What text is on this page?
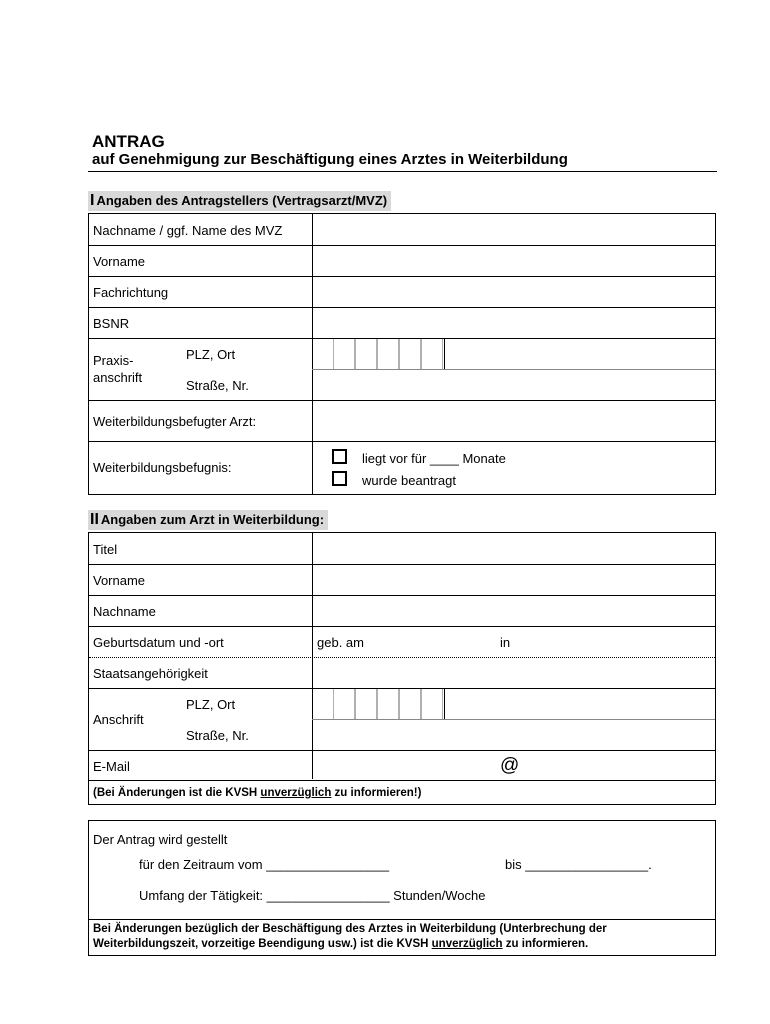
ANTRAG
auf Genehmigung zur Beschäftigung eines Arztes in Weiterbildung
I Angaben des Antragstellers (Vertragsarzt/MVZ)
Nachname / ggf. Name des MVZ
Vorname
Fachrichtung
BSNR
Praxis-
anschrift
PLZ, Ort
Straße, Nr.
Weiterbildungsbefugter Arzt:
Weiterbildungsbefugnis:
liegt vor für ____ Monate
wurde beantragt
II Angaben zum Arzt in Weiterbildung:
Titel
Vorname
Nachname
Geburtsdatum und -ort	geb. am	in
Staatsangehörigkeit
Anschrift
PLZ, Ort
Straße, Nr.
E-Mail	@
(Bei Änderungen ist die KVSH unverzüglich zu informieren!)
Der Antrag wird gestellt
für den Zeitraum vom _________________	bis _________________.
Umfang der Tätigkeit: _________________ Stunden/Woche
Bei Änderungen bezüglich der Beschäftigung des Arztes in Weiterbildung (Unterbrechung der
Weiterbildungszeit, vorzeitige Beendigung usw.) ist die KVSH unverzüglich zu informieren.
